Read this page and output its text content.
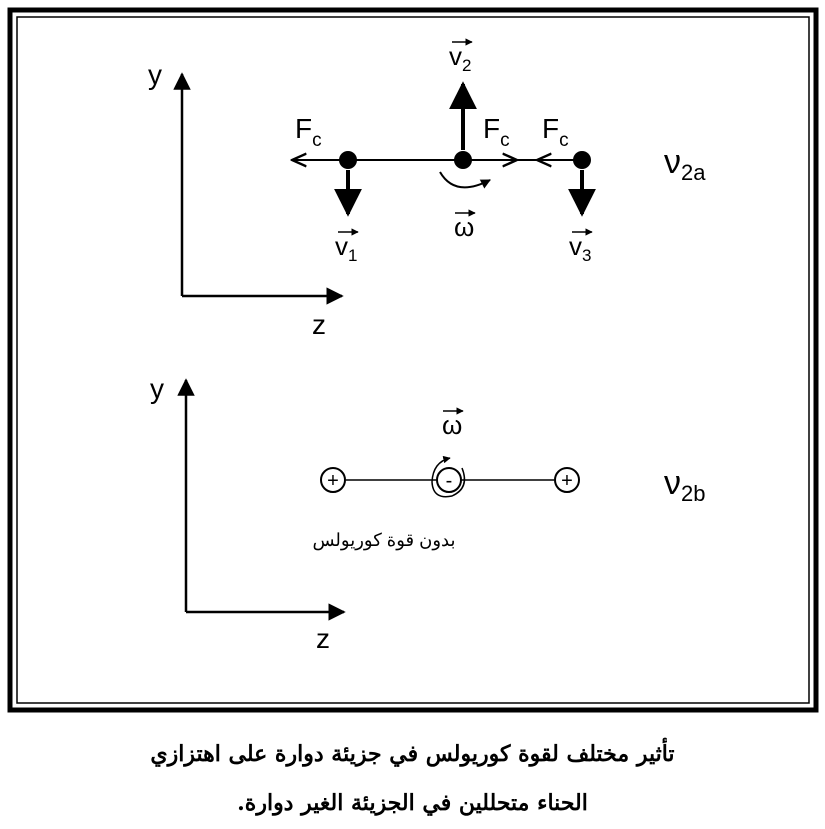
y
z
$F_c$	$F_c$ $F_c$
$v_2$
$v_1$	$v_3$
ω
$\nu_{2a}$
y
z
+	-	+
ω
بدون قوة كوريولس
$\nu_{2b}$
تأثير مختلف لقوة كوريولس في جزيئة دوارة على اهتزازي
الحناء متحللين في الجزيئة الغير دوارة.
